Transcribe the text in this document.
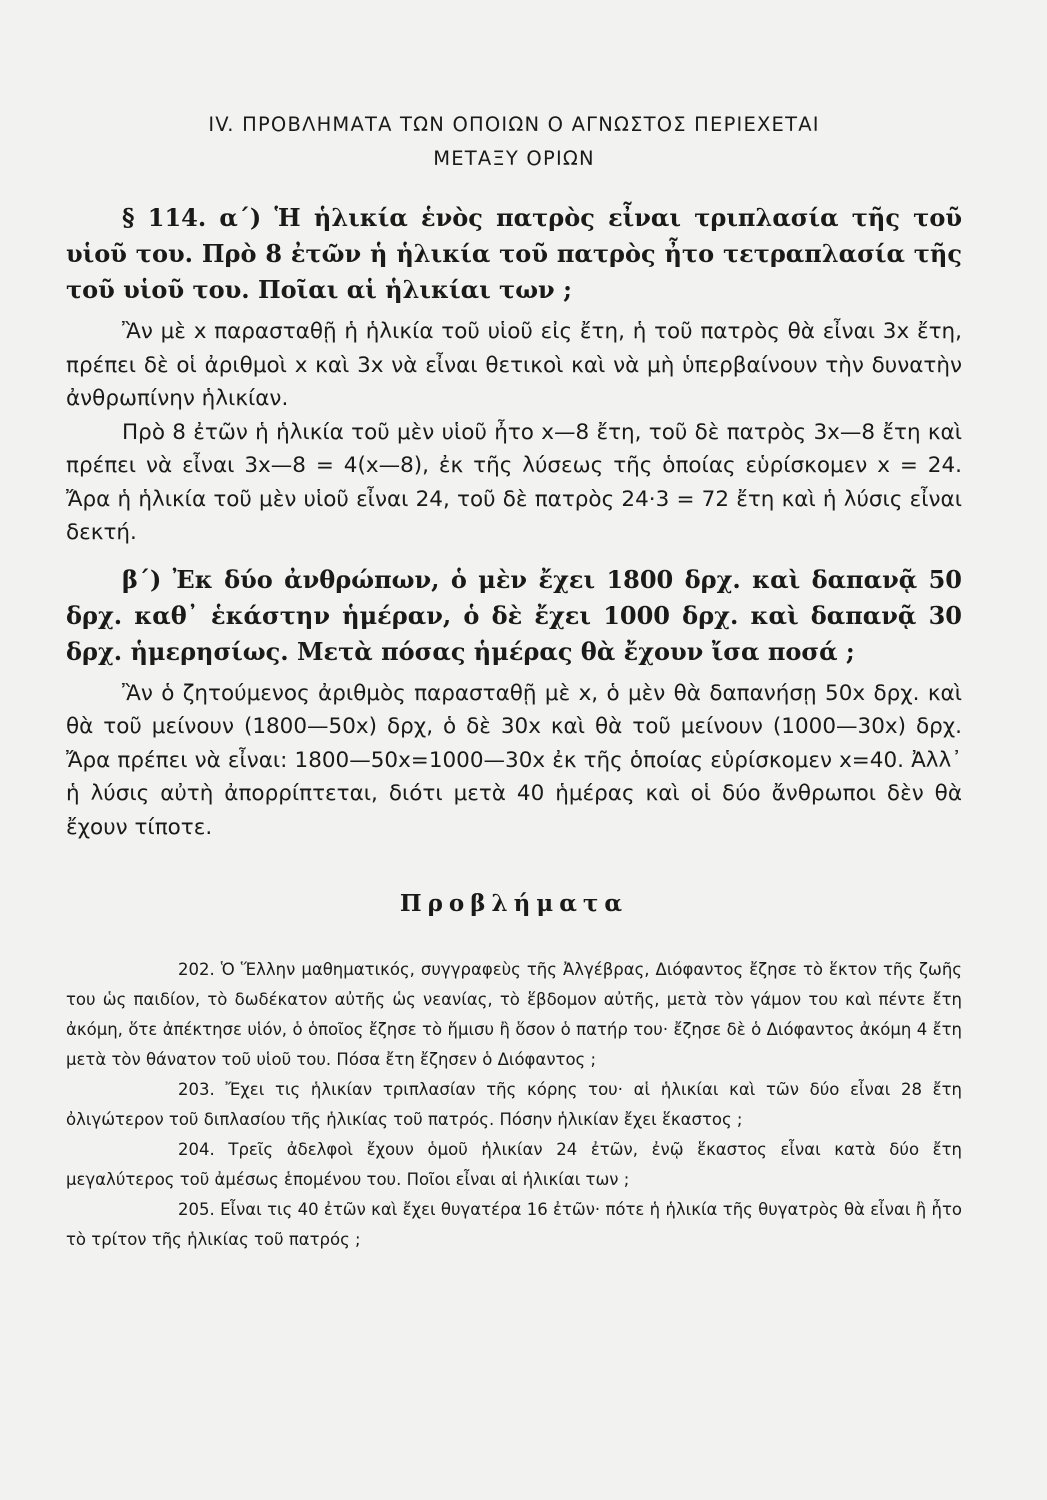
IV. ΠΡΟΒΛΗΜΑΤΑ ΤΩΝ ΟΠΟΙΩΝ Ο ΑΓΝΩΣΤΟΣ ΠΕΡΙΕΧΕΤΑΙ
ΜΕΤΑΞΥ ΟΡΙΩΝ

§ 114. α΄) Ἡ ἡλικία ἑνὸς πατρὸς εἶναι τριπλασία τῆς τοῦ υἱοῦ του. Πρὸ 8 ἐτῶν ἡ ἡλικία τοῦ πατρὸς ἦτο τετραπλασία τῆς τοῦ υἱοῦ του. Ποῖαι αἱ ἡλικίαι των ;

Ἂν μὲ x παρασταθῇ ἡ ἡλικία τοῦ υἱοῦ εἰς ἔτη, ἡ τοῦ πατρὸς θὰ εἶναι 3x ἔτη, πρέπει δὲ οἱ ἀριθμοὶ x καὶ 3x νὰ εἶναι θετικοὶ καὶ νὰ μὴ ὑπερβαίνουν τὴν δυνατὴν ἀνθρωπίνην ἡλικίαν.

Πρὸ 8 ἐτῶν ἡ ἡλικία τοῦ μὲν υἱοῦ ἦτο x—8 ἔτη, τοῦ δὲ πατρὸς 3x—8 ἔτη καὶ πρέπει νὰ εἶναι 3x—8 = 4(x—8), ἐκ τῆς λύσεως τῆς ὁποίας εὑρίσκομεν x = 24. Ἄρα ἡ ἡλικία τοῦ μὲν υἱοῦ εἶναι 24, τοῦ δὲ πατρὸς 24·3 = 72 ἔτη καὶ ἡ λύσις εἶναι δεκτή.

β΄) Ἐκ δύο ἀνθρώπων, ὁ μὲν ἔχει 1800 δρχ. καὶ δαπανᾷ 50 δρχ. καθ᾿ ἑκάστην ἡμέραν, ὁ δὲ ἔχει 1000 δρχ. καὶ δαπανᾷ 30 δρχ. ἡμερησίως. Μετὰ πόσας ἡμέρας θὰ ἔχουν ἴσα ποσά ;

Ἂν ὁ ζητούμενος ἀριθμὸς παρασταθῇ μὲ x, ὁ μὲν θὰ δαπανήσῃ 50x δρχ. καὶ θὰ τοῦ μείνουν (1800—50x) δρχ, ὁ δὲ 30x καὶ θὰ τοῦ μείνουν (1000—30x) δρχ. Ἄρα πρέπει νὰ εἶναι: 1800—50x=1000—30x ἐκ τῆς ὁποίας εὑρίσκομεν x=40. Ἀλλ᾿ ἡ λύσις αὐτὴ ἀπορρίπτεται, διότι μετὰ 40 ἡμέρας καὶ οἱ δύο ἄνθρωποι δὲν θὰ ἔχουν τίποτε.

Προβλήματα

202. Ὁ Ἕλλην μαθηματικός, συγγραφεὺς τῆς Ἀλγέβρας, Διόφαντος ἔζησε τὸ ἕκτον τῆς ζωῆς του ὡς παιδίον, τὸ δωδέκατον αὐτῆς ὡς νεανίας, τὸ ἕβδομον αὐτῆς, μετὰ τὸν γάμον του καὶ πέντε ἔτη ἀκόμη, ὅτε ἀπέκτησε υἱόν, ὁ ὁποῖος ἔζησε τὸ ἥμισυ ἢ ὅσον ὁ πατήρ του· ἔζησε δὲ ὁ Διόφαντος ἀκόμη 4 ἔτη μετὰ τὸν θάνατον τοῦ υἱοῦ του. Πόσα ἔτη ἔζησεν ὁ Διόφαντος ;

203. Ἔχει τις ἡλικίαν τριπλασίαν τῆς κόρης του· αἱ ἡλικίαι καὶ τῶν δύο εἶναι 28 ἔτη ὀλιγώτερον τοῦ διπλασίου τῆς ἡλικίας τοῦ πατρός. Πόσην ἡλικίαν ἔχει ἕκαστος ;

204. Τρεῖς ἀδελφοὶ ἔχουν ὁμοῦ ἡλικίαν 24 ἐτῶν, ἐνῷ ἕκαστος εἶναι κατὰ δύο ἔτη μεγαλύτερος τοῦ ἀμέσως ἑπομένου του. Ποῖοι εἶναι αἱ ἡλικίαι των ;

205. Εἶναι τις 40 ἐτῶν καὶ ἔχει θυγατέρα 16 ἐτῶν· πότε ἡ ἡλικία τῆς θυγατρὸς θὰ εἶναι ἢ ἦτο τὸ τρίτον τῆς ἡλικίας τοῦ πατρός ;
